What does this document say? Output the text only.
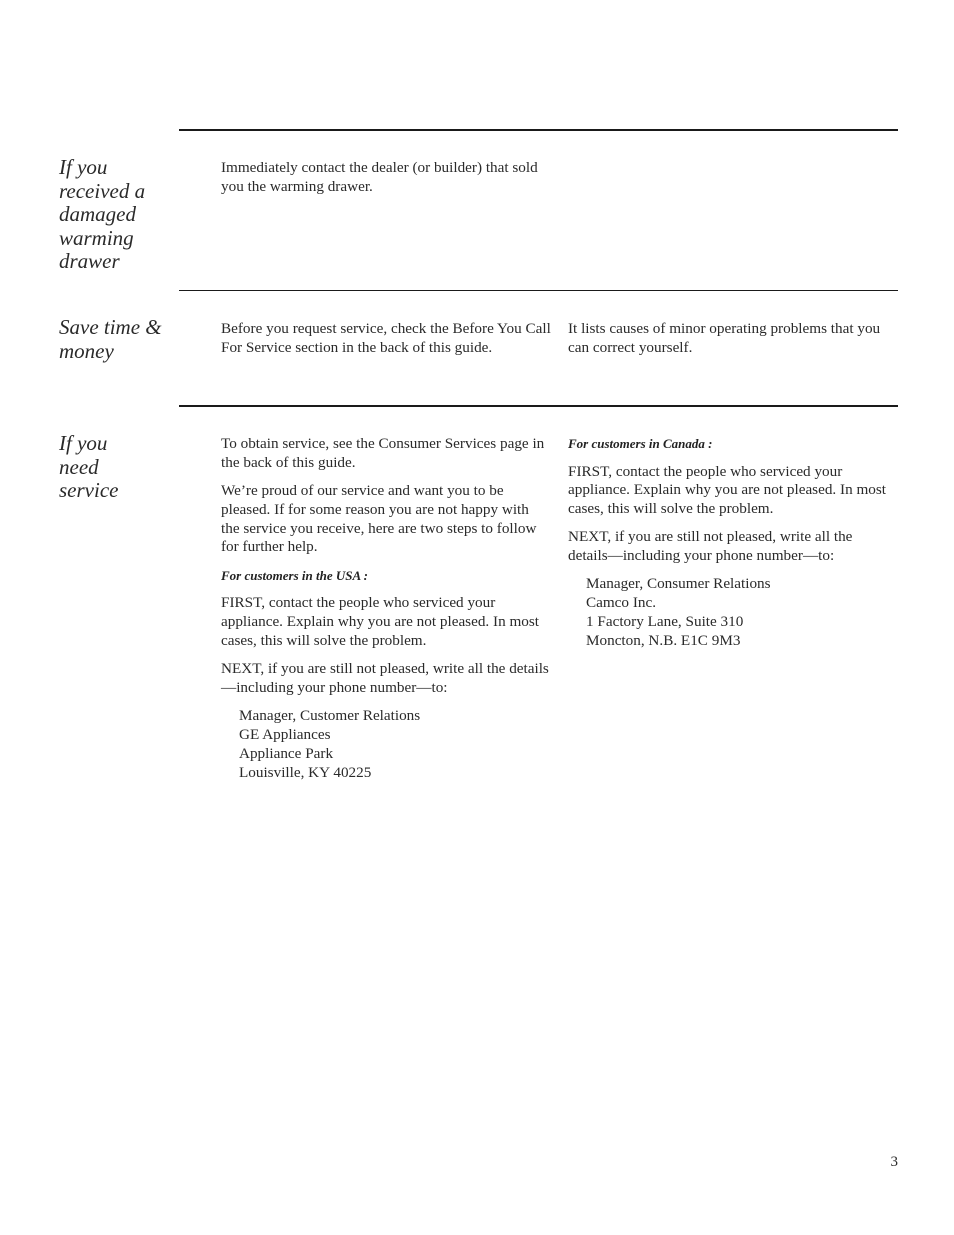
If you received a damaged warming drawer

Immediately contact the dealer (or builder) that sold you the warming drawer.

Save time & money

Before you request service, check the Before You Call For Service section in the back of this guide.

It lists causes of minor operating problems that you can correct yourself.

If you need service

To obtain service, see the Consumer Services page in the back of this guide.

We’re proud of our service and want you to be pleased. If for some reason you are not happy with the service you receive, here are two steps to follow for further help.

For customers in the USA :

FIRST, contact the people who serviced your appliance. Explain why you are not pleased. In most cases, this will solve the problem.

NEXT, if you are still not pleased, write all the details—including your phone number—to:

Manager, Customer Relations
GE Appliances
Appliance Park
Louisville, KY 40225

For customers in Canada :

FIRST, contact the people who serviced your appliance. Explain why you are not pleased. In most cases, this will solve the problem.

NEXT, if you are still not pleased, write all the details—including your phone number—to:

Manager, Consumer Relations
Camco Inc.
1 Factory Lane, Suite 310
Moncton, N.B. E1C 9M3
3
